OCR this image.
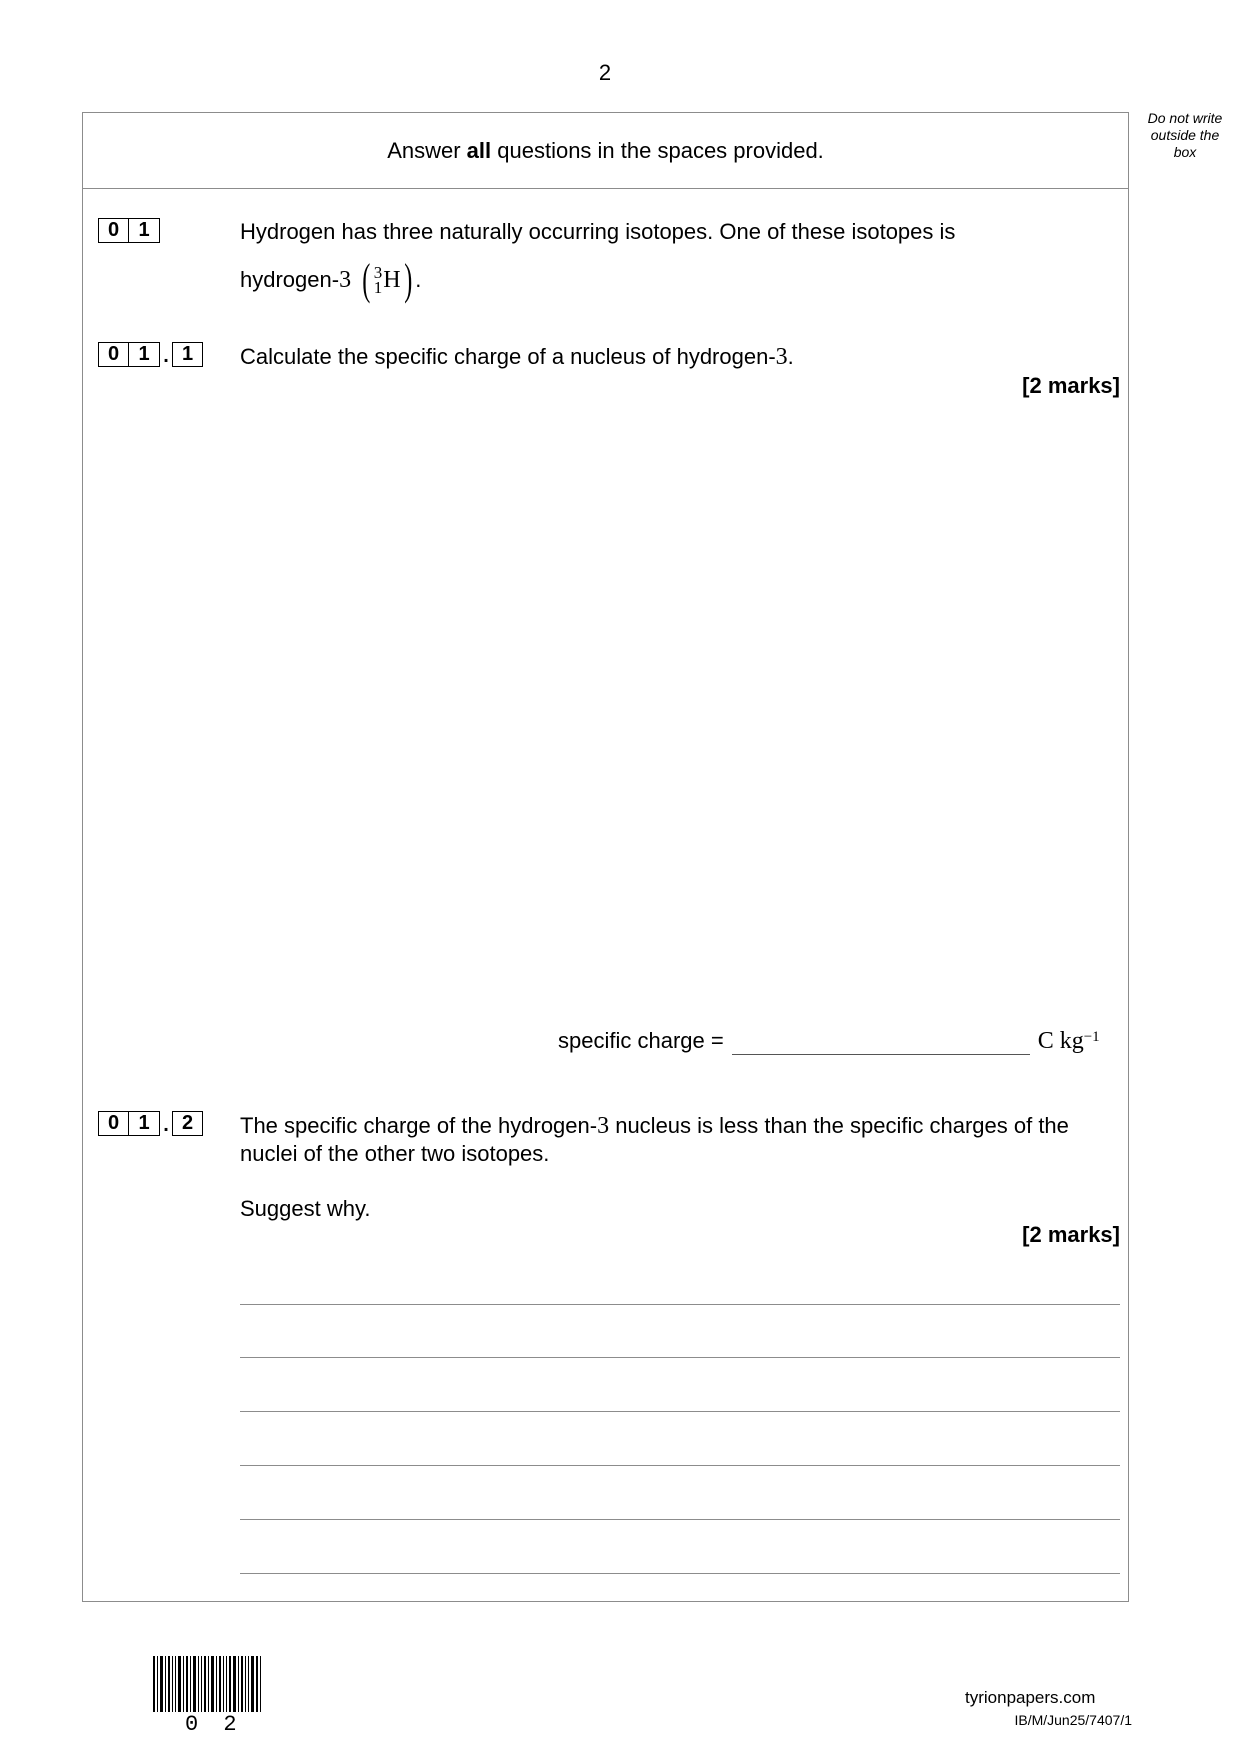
2
Do not write outside the box
Answer all questions in the spaces provided.
0 1	Hydrogen has three naturally occurring isotopes. One of these isotopes is
hydrogen- 3 ( 3
1 H ) .
0 1 . 1	Calculate the specific charge of a nucleus of hydrogen-3.
[2 marks]
specific charge =	C $kg^{-1}$
0 1 . 2	The specific charge of the hydrogen-3 nucleus is less than the specific charges of the
nuclei of the other two isotopes.
Suggest why.
[2 marks]
0 2
tyrionpapers.com
IB/M/Jun25/7407/1
